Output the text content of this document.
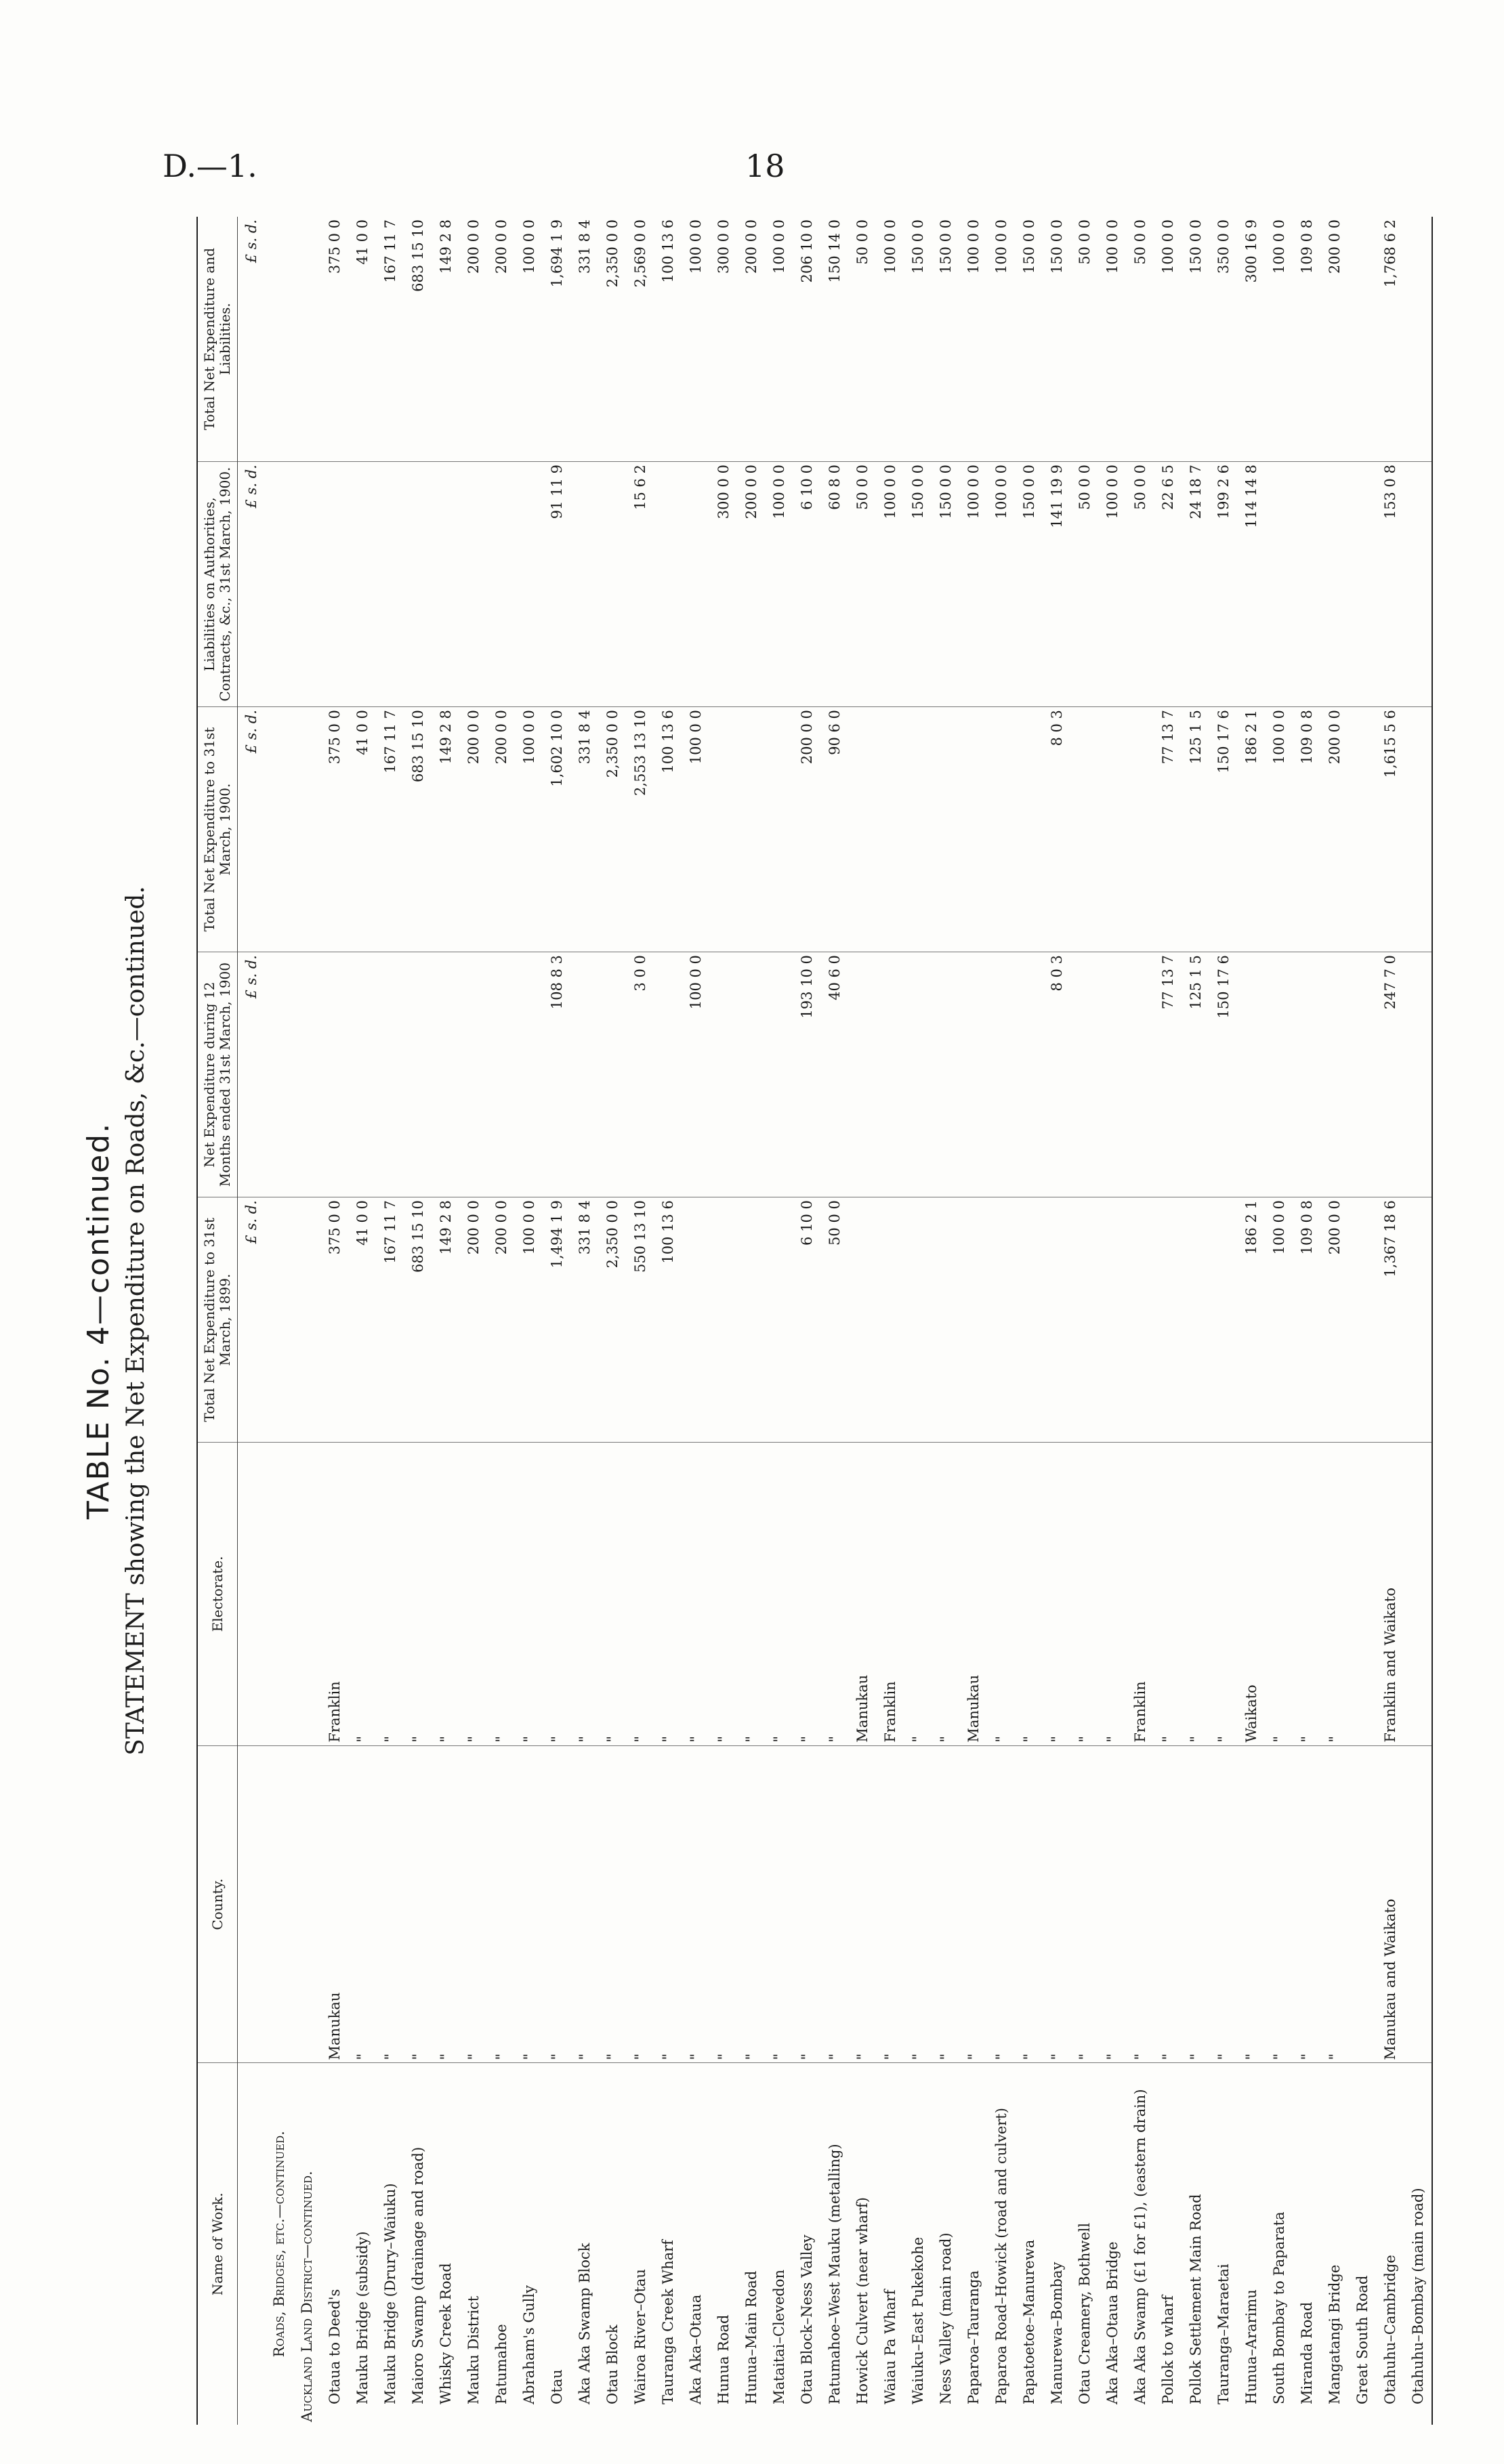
D.—1.	18
TABLE No. 4—continued. STATEMENT showing the Net Expenditure on Roads, &c.—continued.
Name of Work.	County.	Electorate.	Total Net Expenditure to 31st March, 1899.	Net Expenditure during 12 Months ended 31st March, 1900	Total Net Expenditure to 31st March, 1900.	Liabilities on Authorities, Contracts, &c., 31st March, 1900.	Total Net Expenditure and Liabilities.
			£ s. d.	£ s. d.	£ s. d.	£ s. d.	£ s. d.
Roads, Bridges, etc.—continued.							
Auckland Land District—continued.							
Otaua to Deed's	Manukau	Franklin	375 0 0		375 0 0		375 0 0
Mauku Bridge (subsidy)	"	"	41 0 0		41 0 0		41 0 0
Mauku Bridge (Drury–Waiuku)	"	"	167 11 7		167 11 7		167 11 7
Maioro Swamp (drainage and road)	"	"	683 15 10		683 15 10		683 15 10
Whisky Creek Road	"	"	149 2 8		149 2 8		149 2 8
Mauku District	"	"	200 0 0		200 0 0		200 0 0
Patumahoe	"	"	200 0 0		200 0 0		200 0 0
Abraham's Gully	"	"	100 0 0		100 0 0		100 0 0
Otau	"	"	1,494 1 9	108 8 3	1,602 10 0	91 11 9	1,694 1 9
Aka Aka Swamp Block	"	"	331 8 4		331 8 4		331 8 4
Otau Block	"	"	2,350 0 0		2,350 0 0		2,350 0 0
Wairoa River–Otau	"	"	550 13 10	3 0 0	2,553 13 10	15 6 2	2,569 0 0
Tauranga Creek Wharf	"	"	100 13 6		100 13 6		100 13 6
Aka Aka–Otaua	"	"		100 0 0	100 0 0		100 0 0
Hunua Road	"	"				300 0 0	300 0 0
Hunua–Main Road	"	"				200 0 0	200 0 0
Mataitai–Clevedon	"	"				100 0 0	100 0 0
Otau Block–Ness Valley	"	"	6 10 0	193 10 0	200 0 0	6 10 0	206 10 0
Patumahoe–West Mauku (metalling)	"	"	50 0 0	40 6 0	90 6 0	60 8 0	150 14 0
Howick Culvert (near wharf)	"	Manukau				50 0 0	50 0 0
Waiau Pa Wharf	"	Franklin				100 0 0	100 0 0
Waiuku–East Pukekohe	"	"				150 0 0	150 0 0
Ness Valley (main road)	"	"				150 0 0	150 0 0
Paparoa–Tauranga	"	Manukau				100 0 0	100 0 0
Paparoa Road–Howick (road and culvert)	"	"				100 0 0	100 0 0
Papatoetoe–Manurewa	"	"				150 0 0	150 0 0
Manurewa–Bombay	"	"		8 0 3	8 0 3	141 19 9	150 0 0
Otau Creamery, Bothwell	"	"				50 0 0	50 0 0
Aka Aka–Otaua Bridge	"	"				100 0 0	100 0 0
Aka Aka Swamp (£1 for £1), (eastern drain)	"	Franklin				50 0 0	50 0 0
Pollok to wharf	"	"		77 13 7	77 13 7	22 6 5	100 0 0
Pollok Settlement Main Road	"	"		125 1 5	125 1 5	24 18 7	150 0 0
Tauranga–Maraetai	"	"		150 17 6	150 17 6	199 2 6	350 0 0
Hunua–Ararimu	"	Waikato	186 2 1		186 2 1	114 14 8	300 16 9
South Bombay to Paparata	"	"	100 0 0		100 0 0		100 0 0
Miranda Road	"	"	109 0 8		109 0 8		109 0 8
Mangatangi Bridge	"	"	200 0 0		200 0 0		200 0 0
Great South Road							
Otahuhu–Cambridge	Manukau and Waikato	Franklin and Waikato	1,367 18 6	247 7 0	1,615 5 6	153 0 8	1,768 6 2
Otahuhu–Bombay (main road)							
